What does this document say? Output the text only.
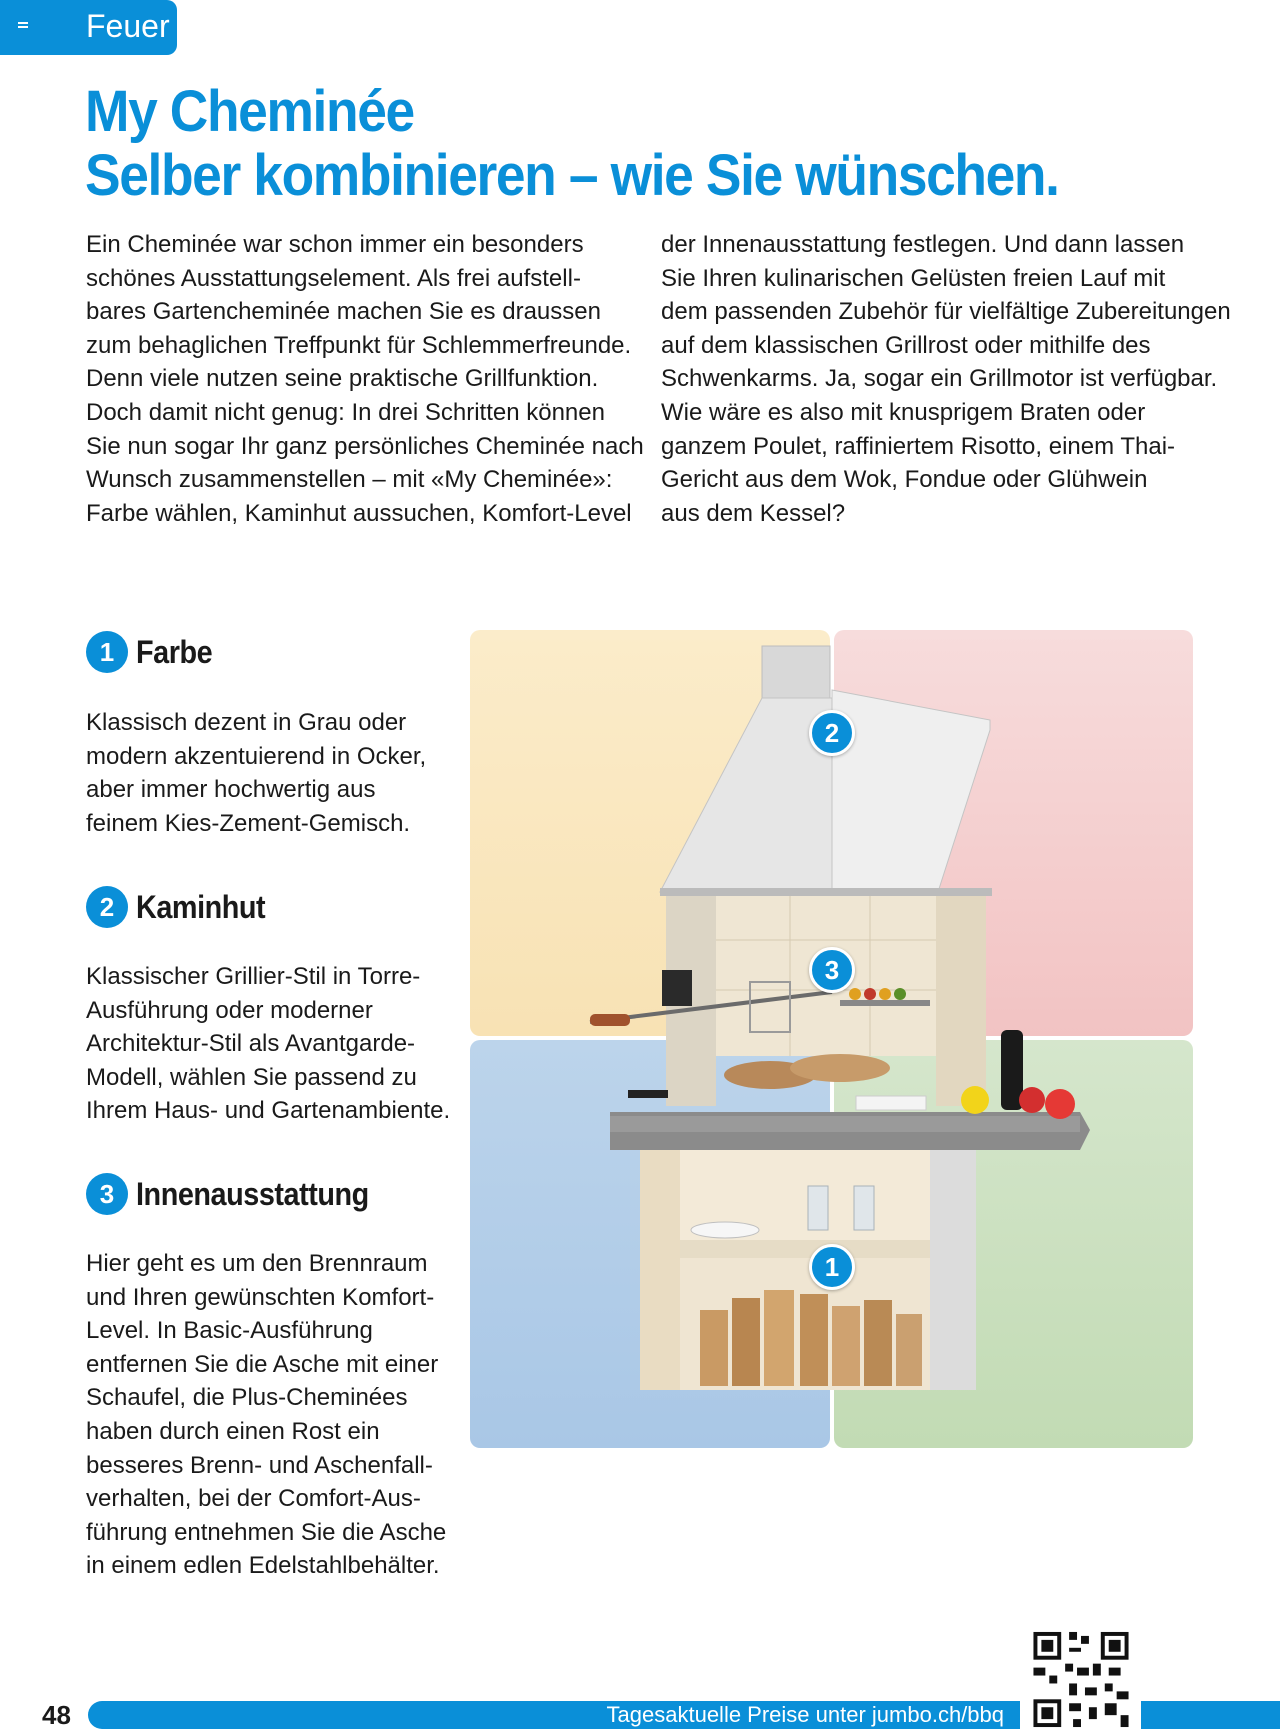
Feuer
My Cheminée
Selber kombinieren – wie Sie wünschen.
Ein Cheminée war schon immer ein besonders
schönes Ausstattungselement. Als frei aufstell-
bares Gartencheminée machen Sie es draussen
zum behaglichen Treffpunkt für Schlemmerfreunde.
Denn viele nutzen seine praktische Grillfunktion.
Doch damit nicht genug: In drei Schritten können
Sie nun sogar Ihr ganz persönliches Cheminée nach
Wunsch zusammenstellen – mit «My Cheminée»:
Farbe wählen, Kaminhut aussuchen, Komfort-Level
der Innenausstattung festlegen. Und dann lassen
Sie Ihren kulinarischen Gelüsten freien Lauf mit
dem passenden Zubehör für vielfältige Zubereitungen
auf dem klassischen Grillrost oder mithilfe des
Schwenkarms. Ja, sogar ein Grillmotor ist verfügbar.
Wie wäre es also mit knusprigem Braten oder
ganzem Poulet, raffiniertem Risotto, einem Thai-
Gericht aus dem Wok, Fondue oder Glühwein
aus dem Kessel?
1 Farbe
Klassisch dezent in Grau oder
modern akzentuierend in Ocker,
aber immer hochwertig aus
feinem Kies-Zement-Gemisch.
2 Kaminhut
Klassischer Grillier-Stil in Torre-
Ausführung oder moderner
Architektur-Stil als Avantgarde-
Modell, wählen Sie passend zu
Ihrem Haus- und Gartenambiente.
3 Innenausstattung
Hier geht es um den Brennraum
und Ihren gewünschten Komfort-
Level. In Basic-Ausführung
entfernen Sie die Asche mit einer
Schaufel, die Plus-Cheminées
haben durch einen Rost ein
besseres Brenn- und Aschenfall-
verhalten, bei der Comfort-Aus-
führung entnehmen Sie die Asche
in einem edlen Edelstahlbehälter.
2
3
1
48	Tagesaktuelle Preise unter jumbo.ch/bbq
